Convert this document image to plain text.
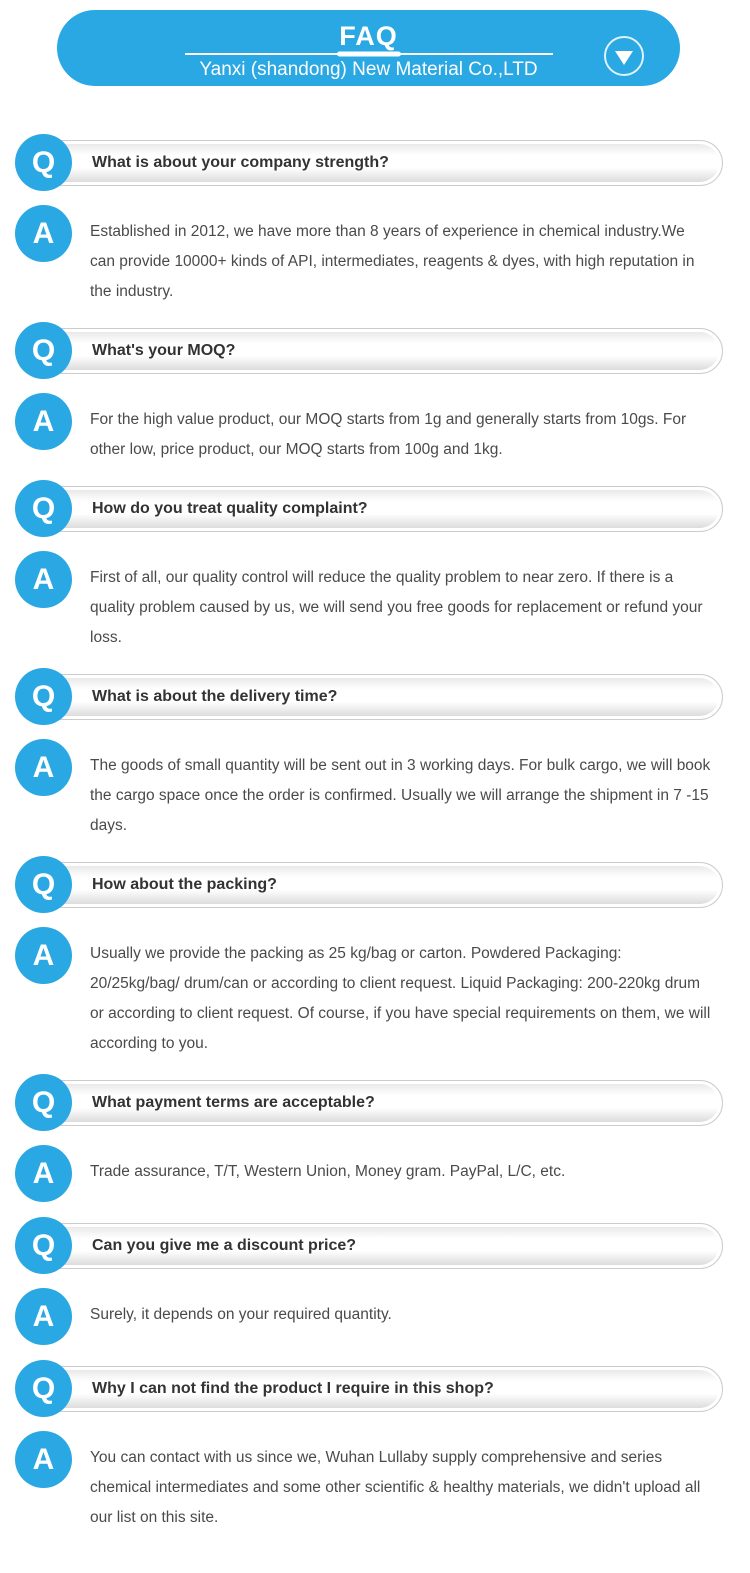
FAQ
Yanxi (shandong) New Material Co.,LTD
Q	What is about your company strength?
A	Established in 2012, we have more than 8 years of experience in chemical industry.We can provide 10000+ kinds of API, intermediates, reagents & dyes, with high reputation in the industry.
Q	What's your MOQ?
A	For the high value product, our MOQ starts from 1g and generally starts from 10gs. For other low, price product, our MOQ starts from 100g and 1kg.
Q	How do you treat quality complaint?
A	First of all, our quality control will reduce the quality problem to near zero. If there is a quality problem caused by us, we will send you free goods for replacement or refund your loss.
Q	What is about the delivery time?
A	The goods of small quantity will be sent out in 3 working days. For bulk cargo, we will book the cargo space once the order is confirmed. Usually we will arrange the shipment in 7 -15 days.
Q	How about the packing?
A	Usually we provide the packing as 25 kg/bag or carton. Powdered Packaging: 20/25kg/bag/ drum/can or according to client request. Liquid Packaging: 200-220kg drum or according to client request. Of course, if you have special requirements on them, we will according to you.
Q	What payment terms are acceptable?
A	Trade assurance, T/T, Western Union, Money gram. PayPal, L/C, etc.
Q	Can you give me a discount price?
A	Surely, it depends on your required quantity.
Q	Why I can not find the product I require in this shop?
A	You can contact with us since we, Wuhan Lullaby supply comprehensive and series chemical intermediates and some other scientific & healthy materials, we didn't upload all our list on this site.
